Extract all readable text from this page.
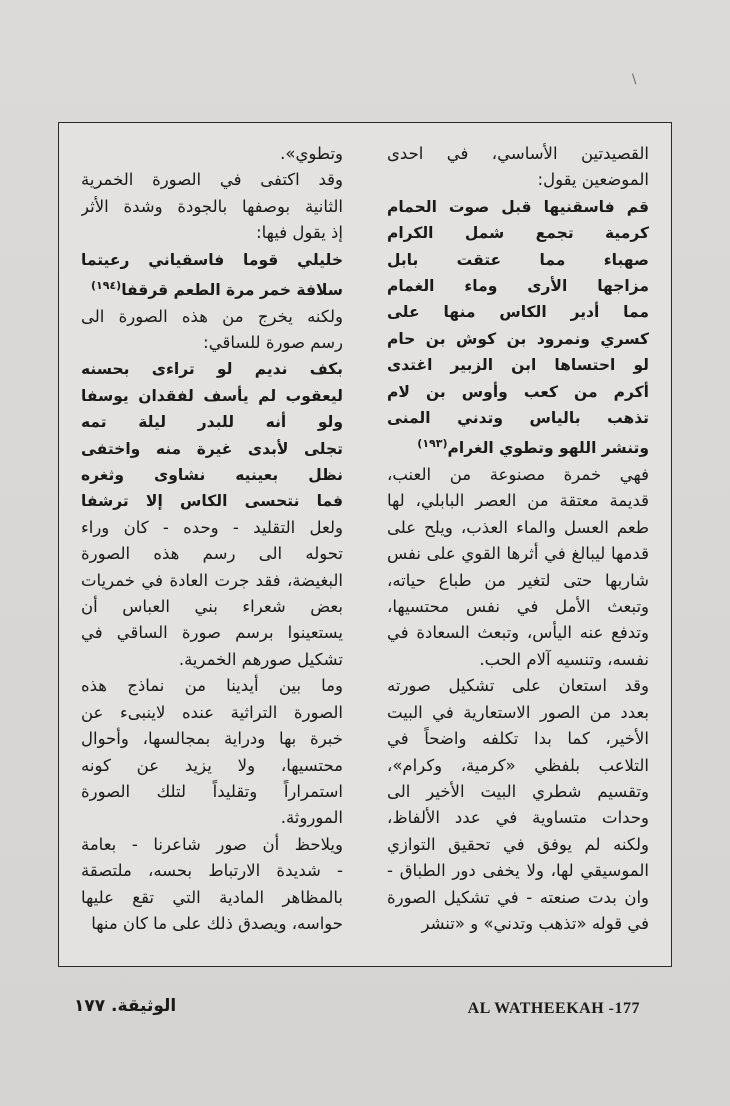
\
القصيدتين الأساسي، في احدى
الموضعين يقول:
قم فاسقنيها قبل صوت الحمام
كرمية تجمع شمل الكرام
صهباء مما عتقت بابل
مزاجها الأرى وماء الغمام
مما أدير الكاس منها على
كسري ونمرود بن كوش بن حام
لو احتساها ابن الزبير اغتدى
أكرم من كعب وأوس بن لام
تذهب بالياس وتدني المنى
وتنشر اللهو وتطوي الغرام$^{(١٩٣)}$
فهي خمرة مصنوعة من العنب،
قديمة معتقة من العصر البابلي، لها
طعم العسل والماء العذب، ويلح على
قدمها ليبالغ في أثرها القوي على نفس
شاربها حتى لتغير من طباع حياته،
وتبعث الأمل في نفس محتسيها،
وتدفع عنه اليأس، وتبعث السعادة في
نفسه، وتنسيه آلام الحب.
وقد استعان على تشكيل صورته
بعدد من الصور الاستعارية في البيت
الأخير، كما بدا تكلفه واضحاً في
التلاعب بلفظي «كرمية، وكرام»،
وتقسيم شطري البيت الأخير الى
وحدات متساوية في عدد الألفاظ،
ولكنه لم يوفق في تحقيق التوازي
الموسيقي لها، ولا يخفى دور الطباق -
وان بدت صنعته - في تشكيل الصورة
في قوله «تذهب وتدني» و «تنشر
وتطوي».
وقد اكتفى في الصورة الخمرية
الثانية بوصفها بالجودة وشدة الأثر
إذ يقول فيها:
خليلي قوما فاسقياني رعيتما
سلافة خمر مرة الطعم قرقفا$^{(١٩٤)}$
ولكنه يخرج من هذه الصورة الى
رسم صورة للساقي:
بكف نديم لو تراءى بحسنه
ليعقوب لم يأسف لفقدان يوسفا
ولو أنه للبدر ليلة تمه
تجلى لأبدى غيرة منه واختفى
نظل بعينيه نشاوى وثغره
فما نتحسى الكاس إلا ترشفا
ولعل التقليد - وحده - كان وراء
تحوله الى رسم هذه الصورة
البغيضة، فقد جرت العادة في خمريات
بعض شعراء بني العباس أن
يستعينوا برسم صورة الساقي في
تشكيل صورهم الخمرية.
وما بين أيدينا من نماذج هذه
الصورة التراثية عنده لاينبىء عن
خبرة بها ودراية بمجالسها، وأحوال
محتسيها، ولا يزيد عن كونه
استمراراً وتقليداً لتلك الصورة
الموروثة.
ويلاحظ أن صور شاعرنا - بعامة
- شديدة الارتباط بحسه، ملتصقة
بالمظاهر المادية التي تقع عليها
حواسه، ويصدق ذلك على ما كان منها
الوثيقة. ١٧٧	AL WATHEEKAH -177
